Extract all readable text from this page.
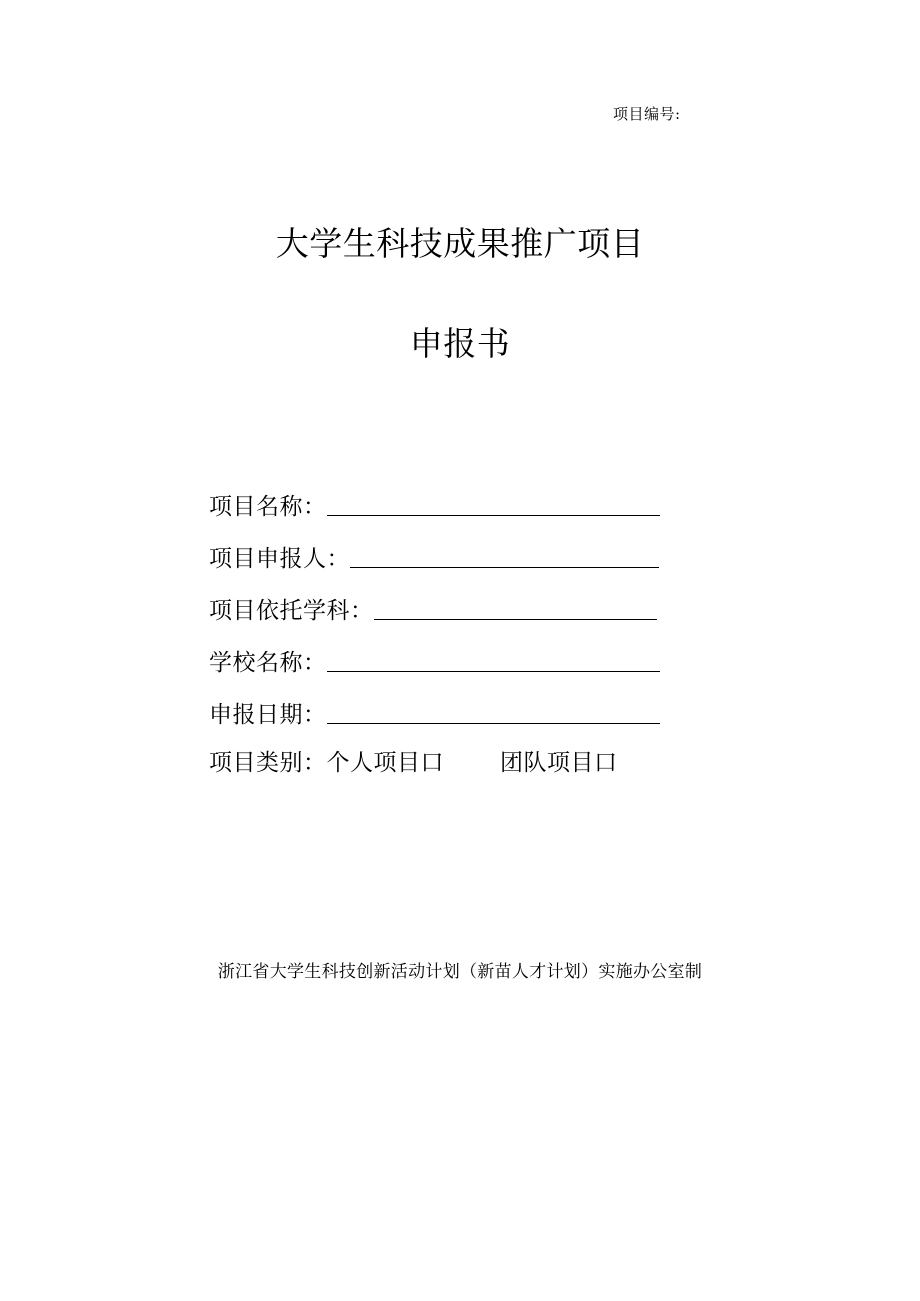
项目编号:
大学生科技成果推广项目
申报书
项目名称：
项目申报人：
项目依托学科：
学校名称：
申报日期：
项目类别： 个人项目口 团队项目口
浙江省大学生科技创新活动计划（新苗人才计划）实施办公室制
